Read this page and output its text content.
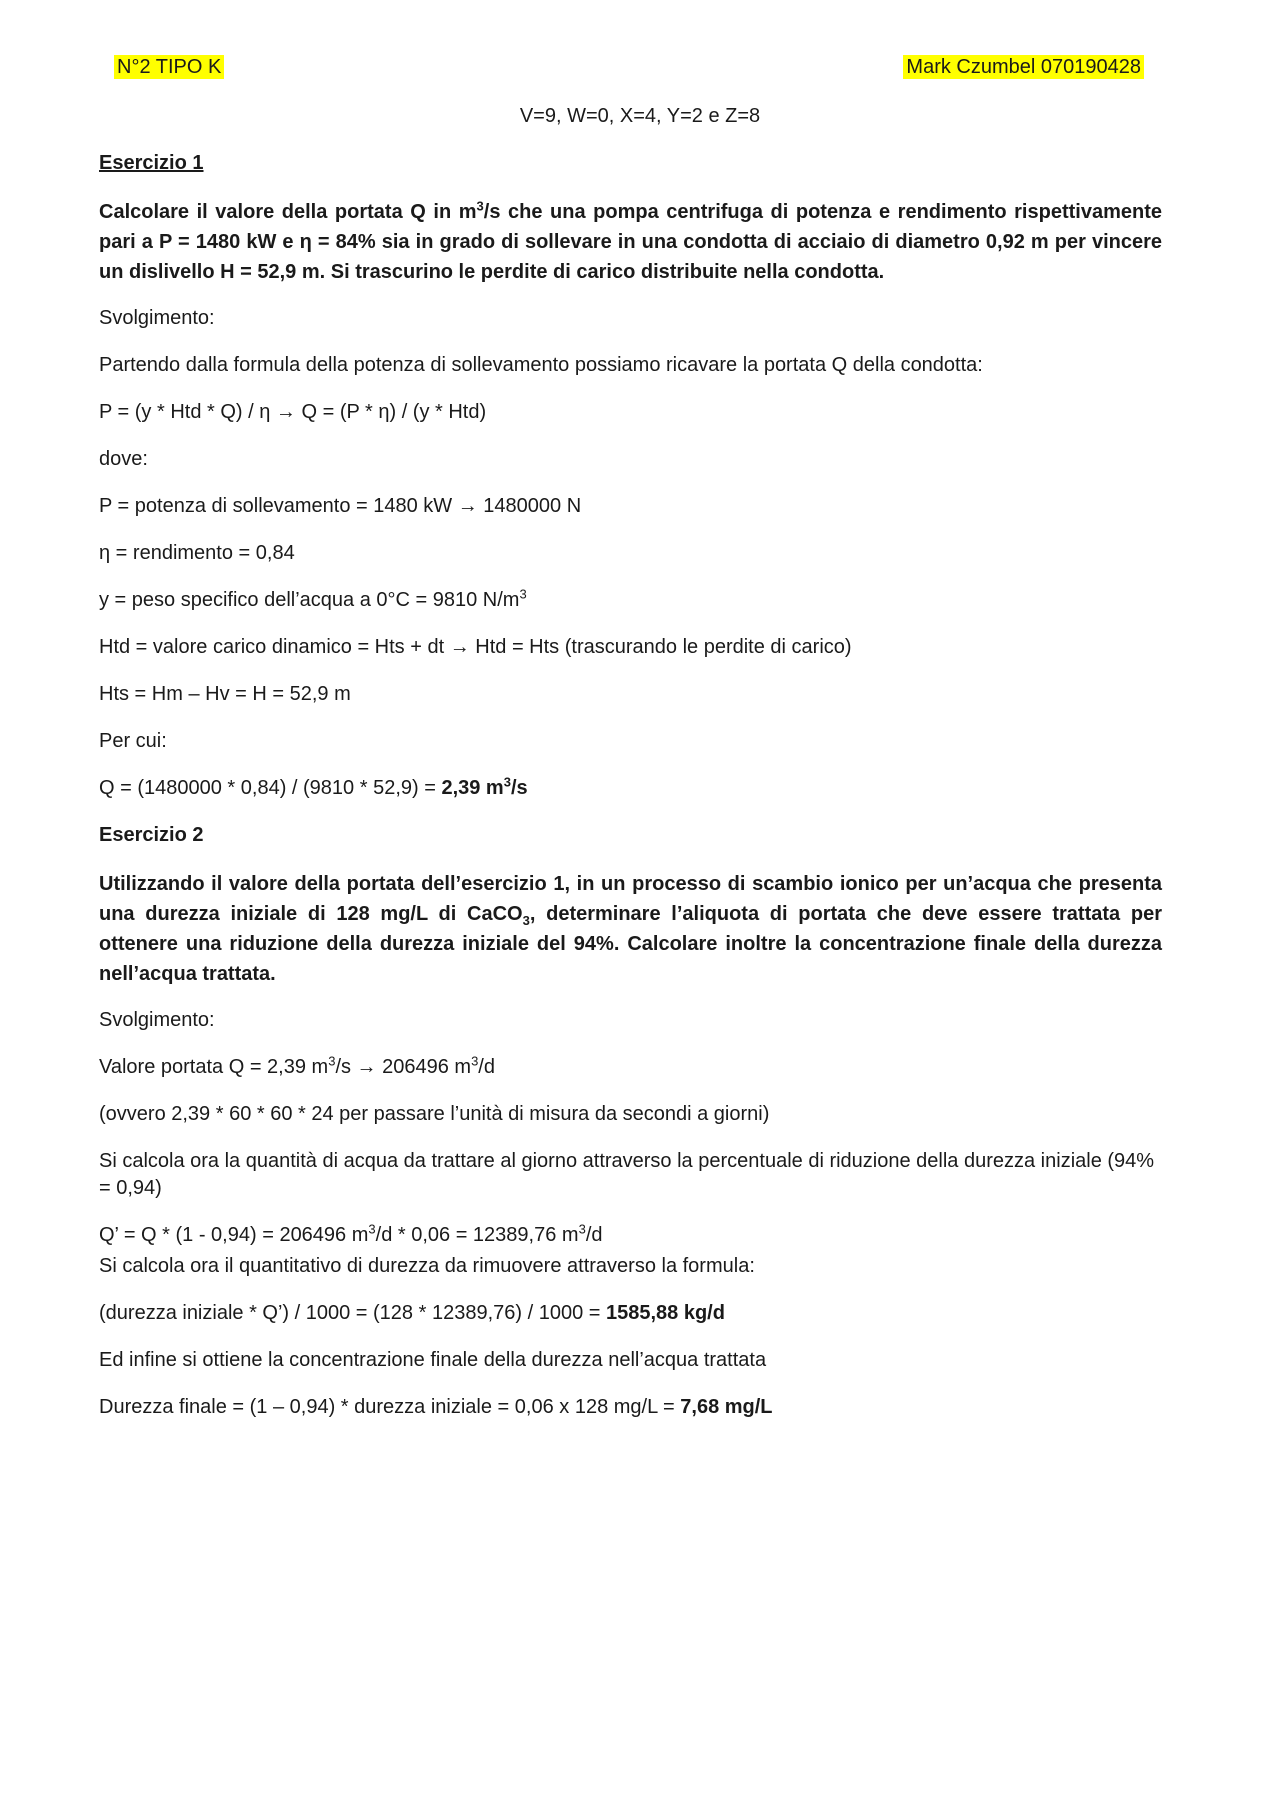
N°2 TIPO K	Mark Czumbel 070190428
V=9, W=0, X=4, Y=2 e Z=8
Esercizio 1
Calcolare il valore della portata Q in $m^3/s$ che una pompa centrifuga di potenza e rendimento rispettivamente pari a P = 1480 kW e η = 84% sia in grado di sollevare in una condotta di acciaio di diametro 0,92 m per vincere un dislivello H = 52,9 m. Si trascurino le perdite di carico distribuite nella condotta.

Svolgimento:

Partendo dalla formula della potenza di sollevamento possiamo ricavare la portata Q della condotta:

P = (y * Htd * Q) / η → Q = (P * η) / (y * Htd)

dove:

P = potenza di sollevamento = 1480 kW → 1480000 N

η = rendimento = 0,84

y = peso specifico dell’acqua a 0°C = 9810 $N/m^3$

Htd = valore carico dinamico = Hts + dt → Htd = Hts (trascurando le perdite di carico)

Hts = Hm – Hv = H = 52,9 m

Per cui:

Q = (1480000 * 0,84) / (9810 * 52,9) = 2,39 $m^3/s$

Esercizio 2
Utilizzando il valore della portata dell’esercizio 1, in un processo di scambio ionico per un’acqua che presenta una durezza iniziale di 128 mg/L di CaCO$_3$, determinare l’aliquota di portata che deve essere trattata per ottenere una riduzione della durezza iniziale del 94%. Calcolare inoltre la concentrazione finale della durezza nell’acqua trattata.

Svolgimento:

Valore portata Q = 2,39 $m^3/s \to 206496$ $m^3/d$

(ovvero 2,39 * 60 * 60 * 24 per passare l’unità di misura da secondi a giorni)

Si calcola ora la quantità di acqua da trattare al giorno attraverso la percentuale di riduzione della durezza iniziale (94% = 0,94)

Q’ = Q * (1 - 0,94) = 206496 $m^3/d * 0,06 = 12389,76$ $m^3/d$

Si calcola ora il quantitativo di durezza da rimuovere attraverso la formula:

(durezza iniziale * Q’) / 1000 = (128 * 12389,76) / 1000 = 1585,88 kg/d

Ed infine si ottiene la concentrazione finale della durezza nell’acqua trattata

Durezza finale = (1 – 0,94) * durezza iniziale = 0,06 x 128 mg/L = 7,68 mg/L
